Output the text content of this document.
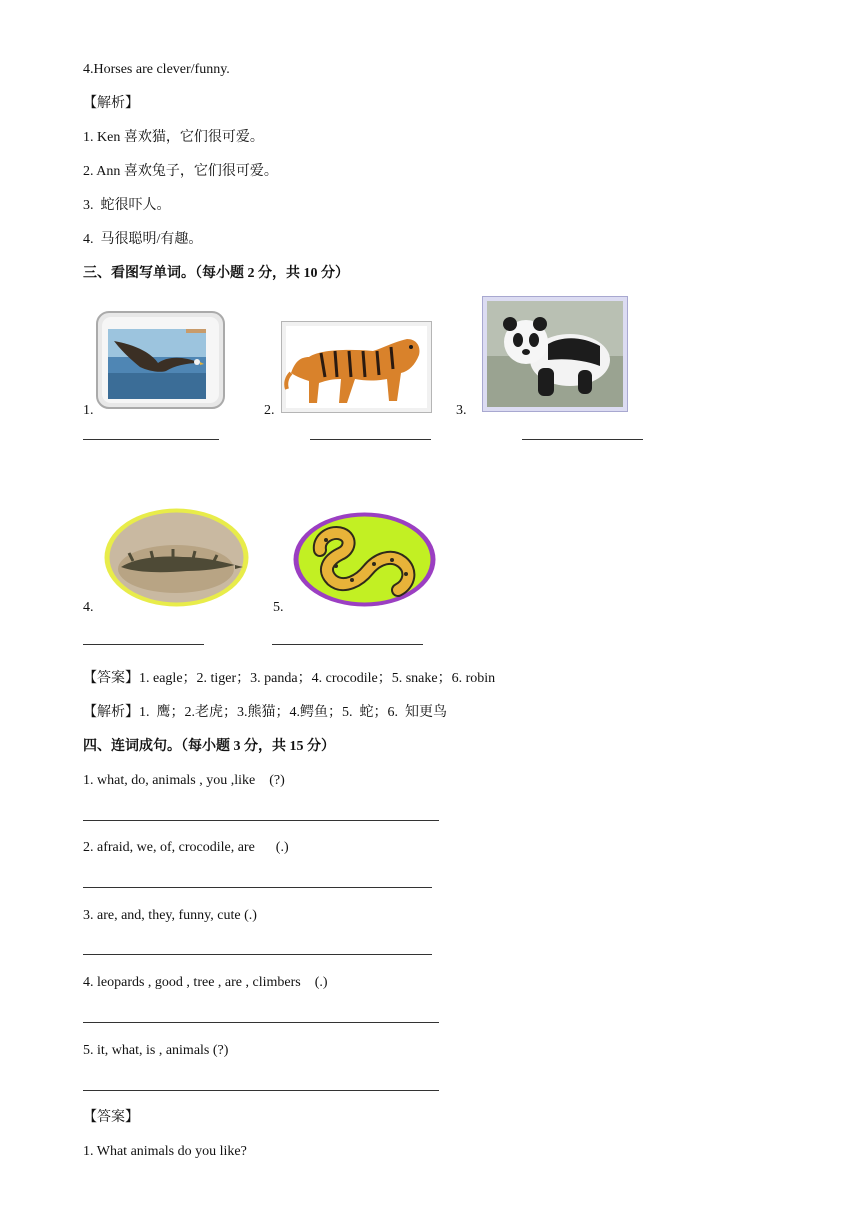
4.Horses are clever/funny.
【解析】
1. Ken 喜欢猫，它们很可爱。
2. Ann 喜欢兔子，它们很可爱。
3.  蛇很吓人。
4.  马很聪明/有趣。
三、看图写单词。（每小题 2 分，共 10 分）
1.	2.	3.
4.	5.
【答案】1. eagle；2. tiger；3. panda；4. crocodile；5. snake；6. robin
【解析】1.  鹰；2.老虎；3.熊猫；4.鳄鱼；5.  蛇；6.  知更鸟
四、连词成句。（每小题 3 分，共 15 分）
1. what, do, animals , you ,like    (?)
2. afraid, we, of, crocodile, are      (.)
3. are, and, they, funny, cute (.)
4. leopards , good , tree , are , climbers    (.)
5. it, what, is , animals (?)
【答案】
1. What animals do you like?
